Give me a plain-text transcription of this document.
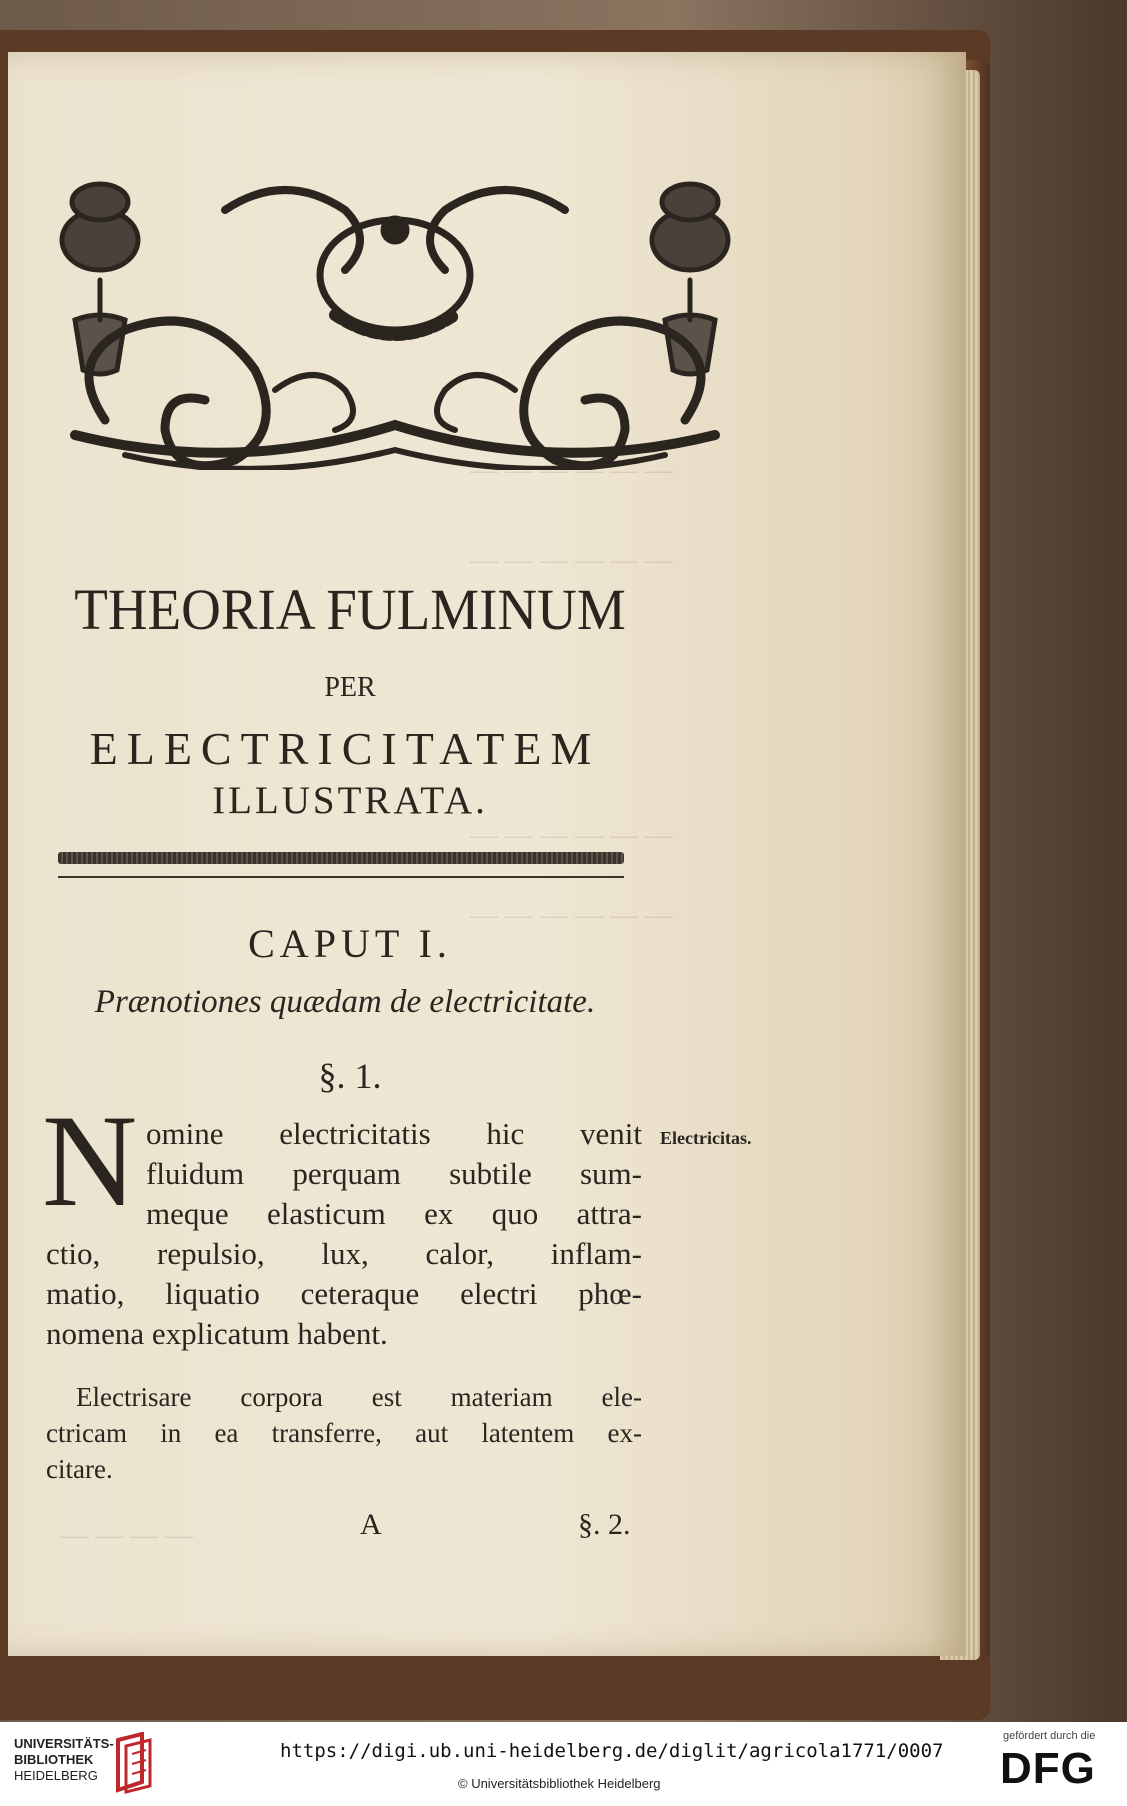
— — — — — —
— — — — — —
— — — — — —
— — — — — —
— — — —
THEORIA FULMINUM
PER
ELECTRICITATEM
ILLUSTRATA.
CAPUT I.
Prænotiones quædam de electricitate.
§. 1.
N omine electricitatis hic venit
fluidum perquam subtile sum-
meque elasticum ex quo attra-
ctio, repulsio, lux, calor, inflam-
matio, liquatio ceteraque electri phœ-
nomena explicatum habent.
Electricitas.
Electrisare corpora est materiam ele-
ctricam in ea transferre, aut latentem ex-
citare.
A	§. 2.
UNIVERSITÄTS-
BIBLIOTHEK
HEIDELBERG
https://digi.ub.uni-heidelberg.de/diglit/agricola1771/0007
© Universitätsbibliothek Heidelberg
gefördert durch die
DFG
